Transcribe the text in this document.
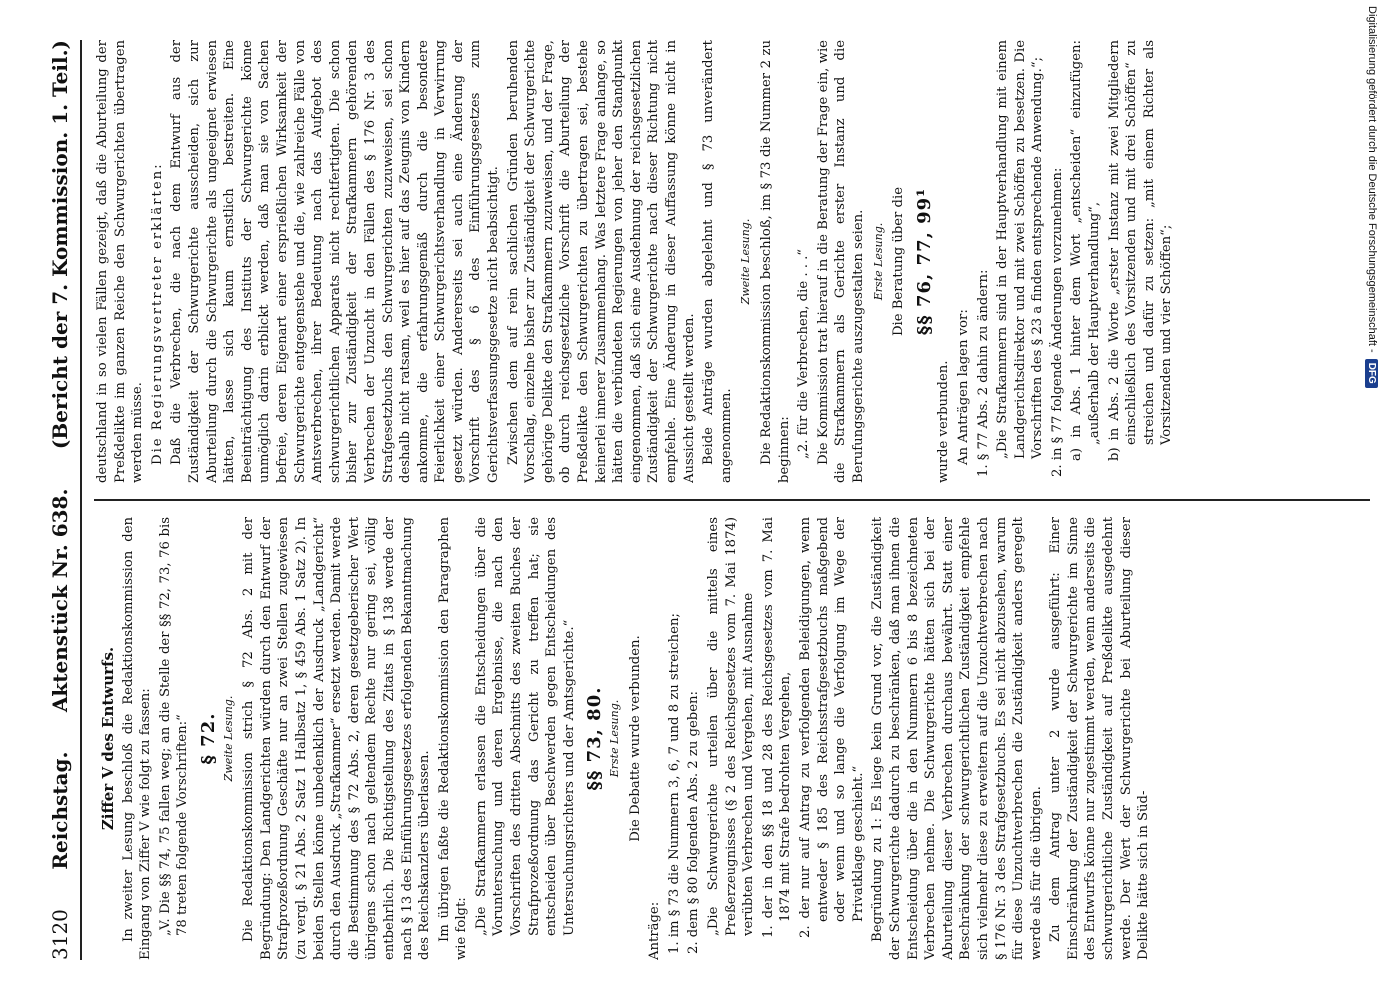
3120
Reichstag.
Aktenstück Nr. 638.
(Bericht der 7. Kommission. 1. Teil.)
Ziffer V des Entwurfs. In zweiter Lesung beschloß die Redaktionskommission den Eingang von Ziffer V wie folgt zu fassen: „V. Die §§ 74, 75 fallen weg; an die Stelle der §§ 72, 73, 76 bis 78 treten folgende Vorschriften:“ § 72. Zweite Lesung. Die Redaktionskommission strich § 72 Abs. 2 mit der Begründung: Den Landgerichten würden durch den Entwurf der Strafprozeßordnung Geschäfte nur an zwei Stellen zugewiesen (zu vergl. § 21 Abs. 2 Satz 1 Halbsatz 1, § 459 Abs. 1 Satz 2). In beiden Stellen könne unbedenklich der Ausdruck „Landgericht“ durch den Ausdruck „Strafkammer“ ersetzt werden. Damit werde die Bestimmung des § 72 Abs. 2, deren gesetzgeberischer Wert übrigens schon nach geltendem Rechte nur gering sei, völlig entbehrlich. Die Richtigstellung des Zitats in § 138 werde der nach § 13 des Einführungsgesetzes erfolgenden Bekanntmachung des Reichskanzlers überlassen. Im übrigen faßte die Redaktionskommission den Paragraphen wie folgt: „Die Strafkammern erlassen die Entscheidungen über die Voruntersuchung und deren Ergebnisse, die nach den Vorschriften des dritten Abschnitts des zweiten Buches der Strafprozeßordnung das Gericht zu treffen hat; sie entscheiden über Beschwerden gegen Entscheidungen des Untersuchungsrichters und der Amtsgerichte.“ §§ 73, 80. Erste Lesung. Die Debatte wurde verbunden.

Anträge: 1. im § 73 die Nummern 3, 6, 7 und 8 zu streichen; 2. dem § 80 folgenden Abs. 2 zu geben: „Die Schwurgerichte urteilen über die mittels eines Preßerzeugnisses (§ 2 des Reichsgesetzes vom 7. Mai 1874) verübten Verbrechen und Vergehen, mit Ausnahme 1. der in den §§ 18 und 28 des Reichsgesetzes vom 7. Mai 1874 mit Strafe bedrohten Vergehen, 2. der nur auf Antrag zu verfolgenden Beleidigungen, wenn entweder § 185 des Reichsstrafgesetzbuchs maßgebend oder wenn und so lange die Verfolgung im Wege der Privatklage geschieht.“ Begründung zu 1: Es liege kein Grund vor, die Zuständigkeit der Schwurgerichte dadurch zu beschränken, daß man ihnen die Entscheidung über die in den Nummern 6 bis 8 bezeichneten Verbrechen nehme. Die Schwurgerichte hätten sich bei der Aburteilung dieser Verbrechen durchaus bewährt. Statt einer Beschränkung der schwurgerichtlichen Zuständigkeit empfehle sich vielmehr diese zu erweitern auf die Unzuchtverbrechen nach § 176 Nr. 3 des Strafgesetzbuchs. Es sei nicht abzusehen, warum für diese Unzuchtverbrechen die Zuständigkeit anders geregelt werde als für die übrigen. Zu dem Antrag unter 2 wurde ausgeführt: Einer Einschränkung der Zuständigkeit der Schwurgerichte im Sinne des Entwurfs könne nur zugestimmt werden, wenn anderseits die schwurgerichtliche Zuständigkeit auf Preßdelikte ausgedehnt werde. Der Wert der Schwurgerichte bei Aburteilung dieser Delikte hätte sich in Süd-

deutschland in so vielen Fällen gezeigt, daß die Aburteilung der Preßdelikte im ganzen Reiche den Schwurgerichten übertragen werden müsse. Die Regierungsvertreter erklärten: Daß die Verbrechen, die nach dem Entwurf aus der Zuständigkeit der Schwurgerichte ausscheiden, sich zur Aburteilung durch die Schwurgerichte als ungeeignet erwiesen hätten, lasse sich kaum ernstlich bestreiten. Eine Beeinträchtigung des Instituts der Schwurgerichte könne unmöglich darin erblickt werden, daß man sie von Sachen befreie, deren Eigenart einer ersprießlichen Wirksamkeit der Schwurgerichte entgegenstehe und die, wie zahlreiche Fälle von Amtsverbrechen, ihrer Bedeutung nach das Aufgebot des schwurgerichtlichen Apparats nicht rechtfertigten. Die schon bisher zur Zuständigkeit der Strafkammern gehörenden Verbrechen der Unzucht in den Fällen des § 176 Nr. 3 des Strafgesetzbuchs den Schwurgerichten zuzuweisen, sei schon deshalb nicht ratsam, weil es hier auf das Zeugnis von Kindern ankomme, die erfahrungsgemäß durch die besondere Feierlichkeit einer Schwurgerichtsverhandlung in Verwirrung gesetzt würden. Andererseits sei auch eine Änderung der Vorschrift des § 6 des Einführungsgesetzes zum Gerichtsverfassungsgesetze nicht beabsichtigt. Zwischen dem auf rein sachlichen Gründen beruhenden Vorschlag, einzelne bisher zur Zuständigkeit der Schwurgerichte gehörige Delikte den Strafkammern zuzuweisen, und der Frage, ob durch reichsgesetzliche Vorschrift die Aburteilung der Preßdelikte den Schwurgerichten zu übertragen sei, bestehe keinerlei innerer Zusammenhang. Was letztere Frage anlange, so hätten die verbündeten Regierungen von jeher den Standpunkt eingenommen, daß sich eine Ausdehnung der reichsgesetzlichen Zuständigkeit der Schwurgerichte nach dieser Richtung nicht empfehle. Eine Änderung in dieser Auffassung könne nicht in Aussicht gestellt werden. Beide Anträge wurden abgelehnt und § 73 unverändert angenommen.

Zweite Lesung. Die Redaktionskommission beschloß, im § 73 die Nummer 2 zu beginnen: „2. für die Verbrechen, die . . .“ Die Kommission trat hierauf in die Beratung der Frage ein, wie die Strafkammern als Gerichte erster Instanz und die Berufungsgerichte auszugestalten seien. Erste Lesung. Die Beratung über die §§ 76, 77, 99¹

wurde verbunden. An Anträgen lagen vor: 1. § 77 Abs. 2 dahin zu ändern: „Die Strafkammern sind in der Hauptverhandlung mit einem Landgerichtsdirektor und mit zwei Schöffen zu besetzen. Die Vorschriften des § 23 a finden entsprechende Anwendung.“; 2. in § 77 folgende Änderungen vorzunehmen: a) in Abs. 1 hinter dem Wort „entscheiden“ einzufügen: „außerhalb der Hauptverhandlung“, b) in Abs. 2 die Worte „erster Instanz mit zwei Mitgliedern einschließlich des Vorsitzenden und mit drei Schöffen“ zu streichen und dafür zu setzen: „mit einem Richter als Vorsitzenden und vier Schöffen“;	Digitalisierung gefördert durch die Deutsche Forschungsgemeinschaft -
DFG
